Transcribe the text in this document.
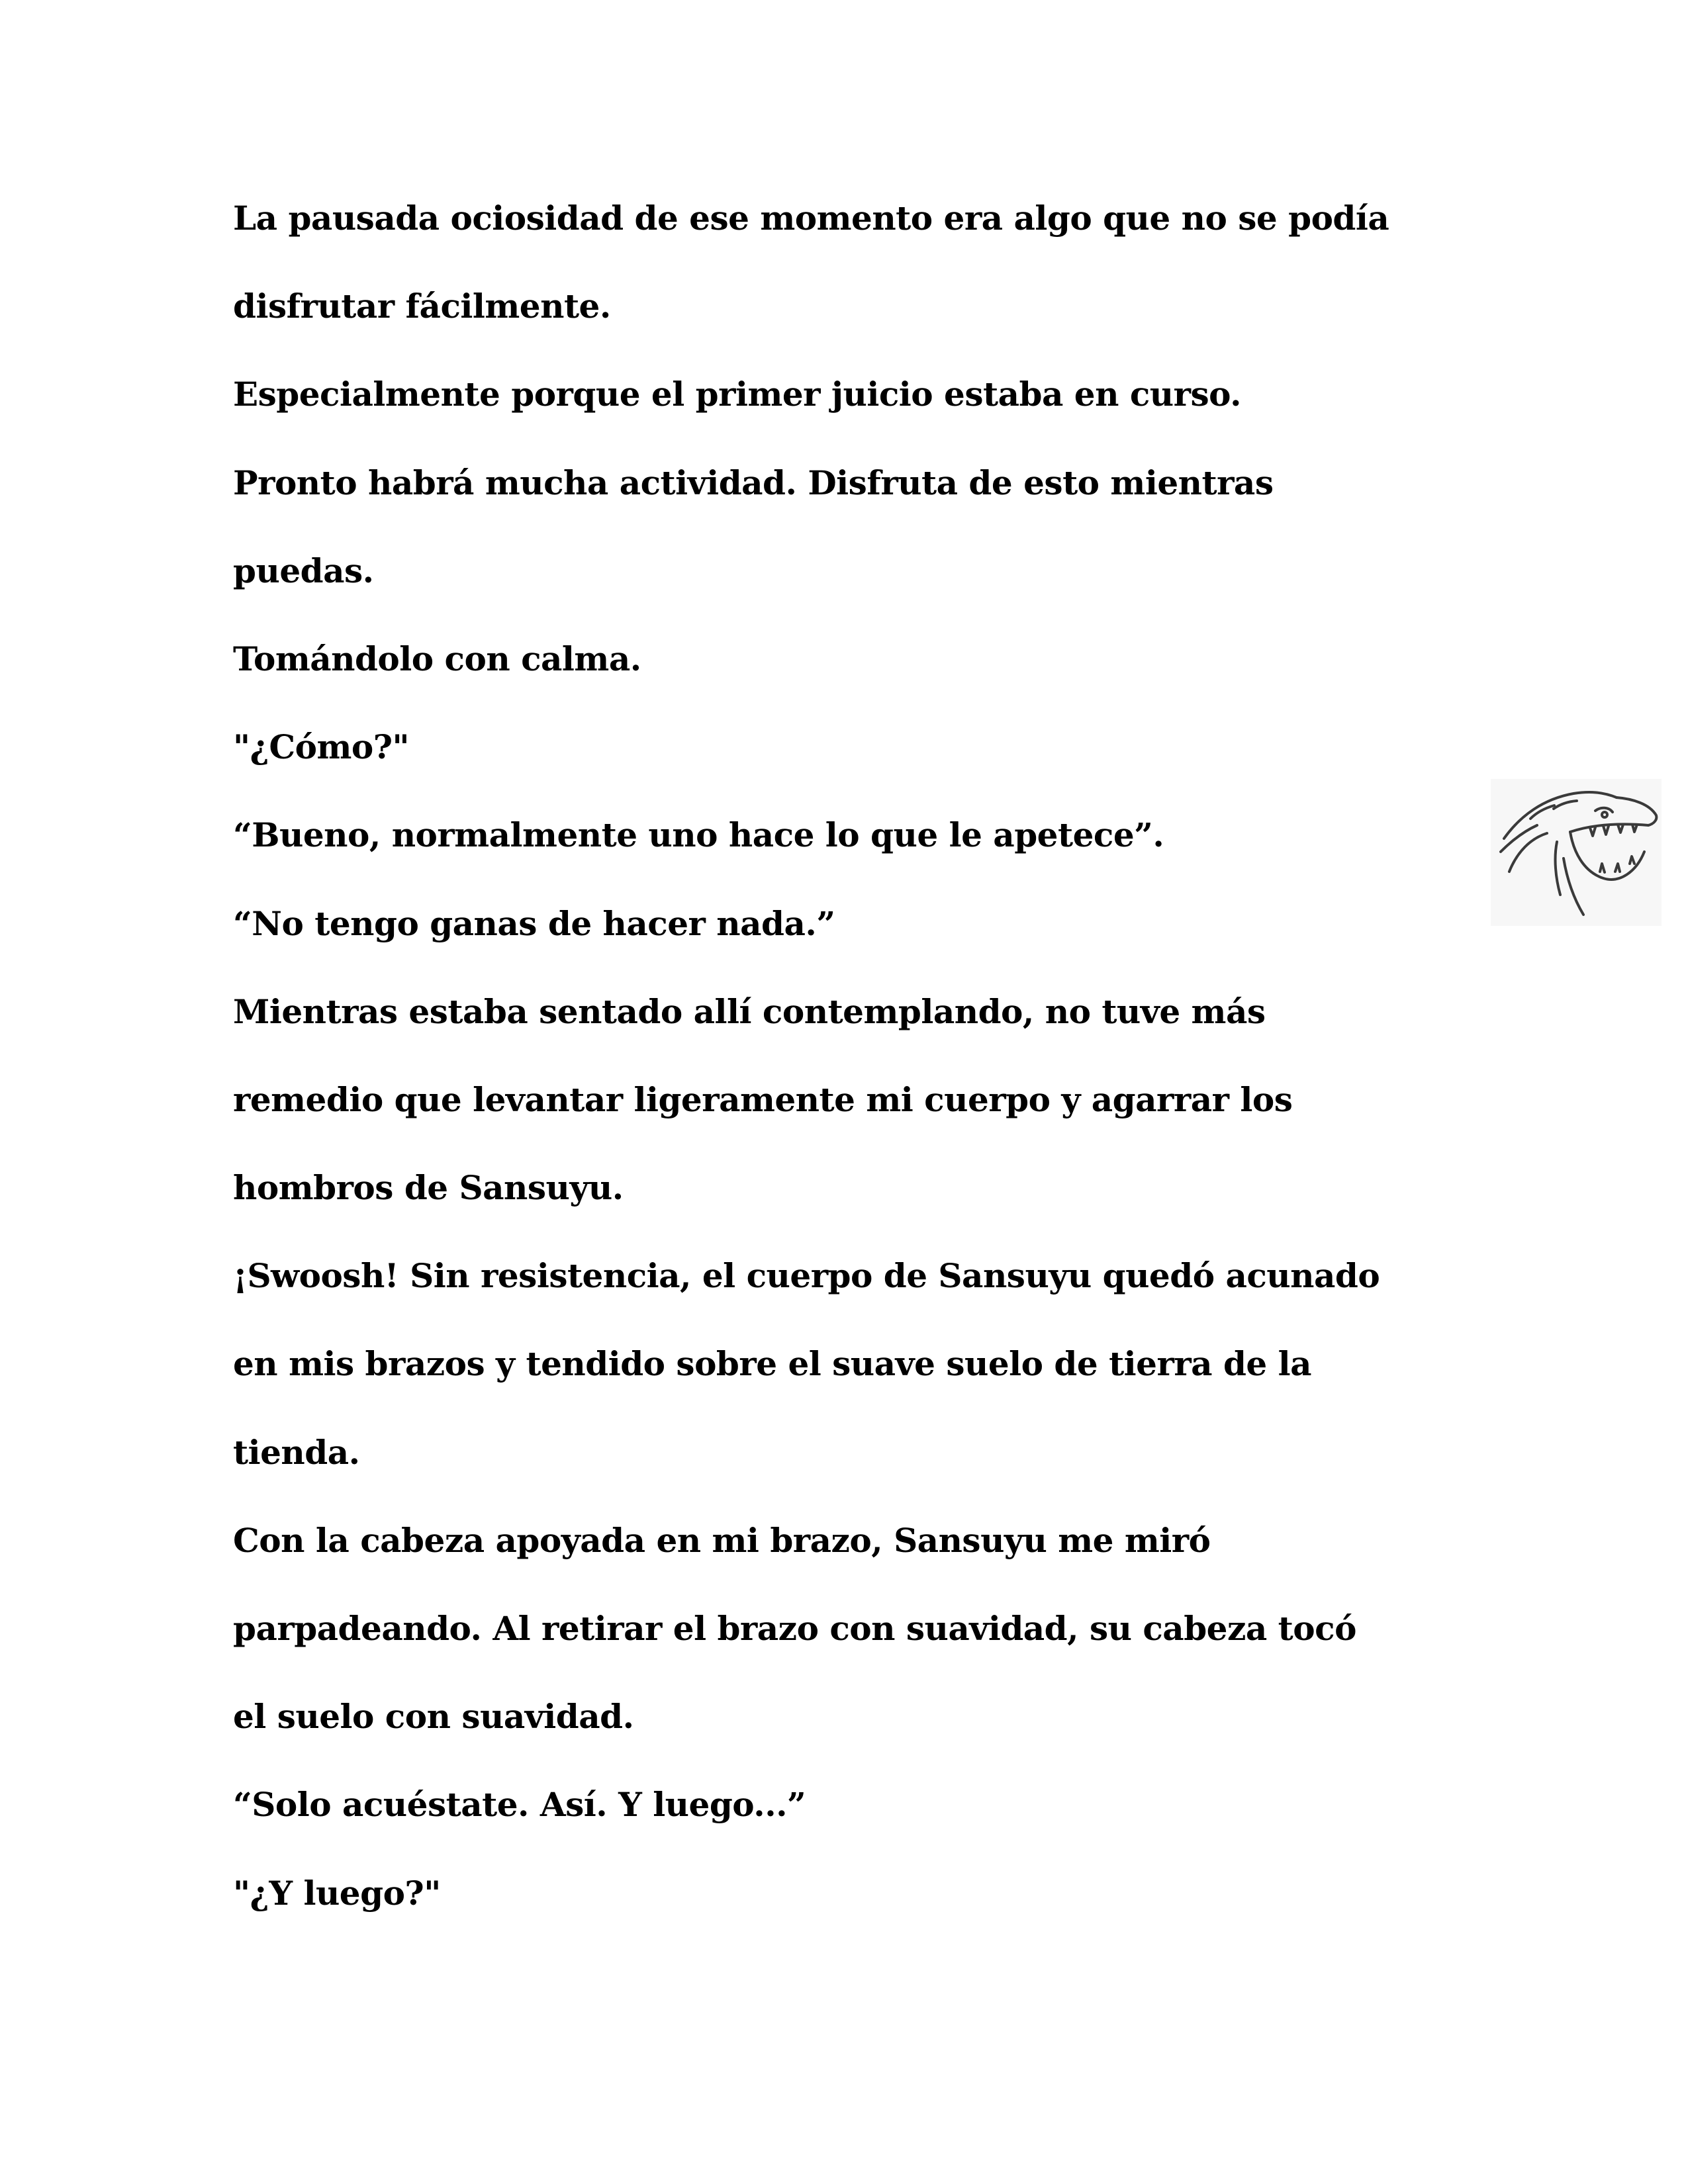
La pausada ociosidad de ese momento era algo que no se podía
disfrutar fácilmente.
Especialmente porque el primer juicio estaba en curso.
Pronto habrá mucha actividad. Disfruta de esto mientras
puedas.
Tomándolo con calma.
"¿Cómo?"
“Bueno, normalmente uno hace lo que le apetece”.
“No tengo ganas de hacer nada.”
Mientras estaba sentado allí contemplando, no tuve más
remedio que levantar ligeramente mi cuerpo y agarrar los
hombros de Sansuyu.
¡Swoosh! Sin resistencia, el cuerpo de Sansuyu quedó acunado
en mis brazos y tendido sobre el suave suelo de tierra de la
tienda.
Con la cabeza apoyada en mi brazo, Sansuyu me miró
parpadeando. Al retirar el brazo con suavidad, su cabeza tocó
el suelo con suavidad.
“Solo acuéstate. Así. Y luego...”
"¿Y luego?"
